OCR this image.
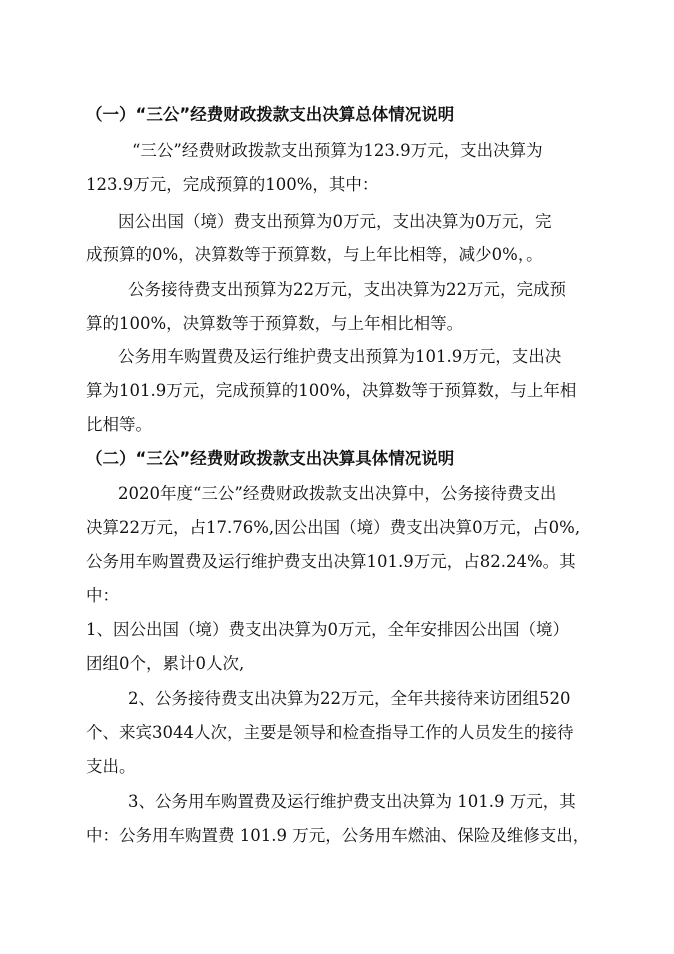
（一）“三公”经费财政拨款支出决算总体情况说明
“三公”经费财政拨款支出预算为123.9万元，支出决算为
123.9万元，完成预算的100%，其中：
因公出国（境）费支出预算为0万元，支出决算为0万元，完
成预算的0%，决算数等于预算数，与上年比相等，减少0%，。
公务接待费支出预算为22万元，支出决算为22万元，完成预
算的100%，决算数等于预算数，与上年相比相等。
公务用车购置费及运行维护费支出预算为101.9万元，支出决
算为101.9万元，完成预算的100%，决算数等于预算数，与上年相
比相等。
（二）“三公”经费财政拨款支出决算具体情况说明
2020年度“三公”经费财政拨款支出决算中，公务接待费支出
决算22万元，占17.76%,因公出国（境）费支出决算0万元，占0%,
公务用车购置费及运行维护费支出决算101.9万元，占82.24%。其
中：
1、因公出国（境）费支出决算为0万元，全年安排因公出国（境）
团组0个，累计0人次,
2、公务接待费支出决算为22万元，全年共接待来访团组520
个、来宾3044人次，主要是领导和检查指导工作的人员发生的接待
支出。
3、公务用车购置费及运行维护费支出决算为 101.9 万元，其
中：公务用车购置费 101.9 万元，公务用车燃油、保险及维修支出，
